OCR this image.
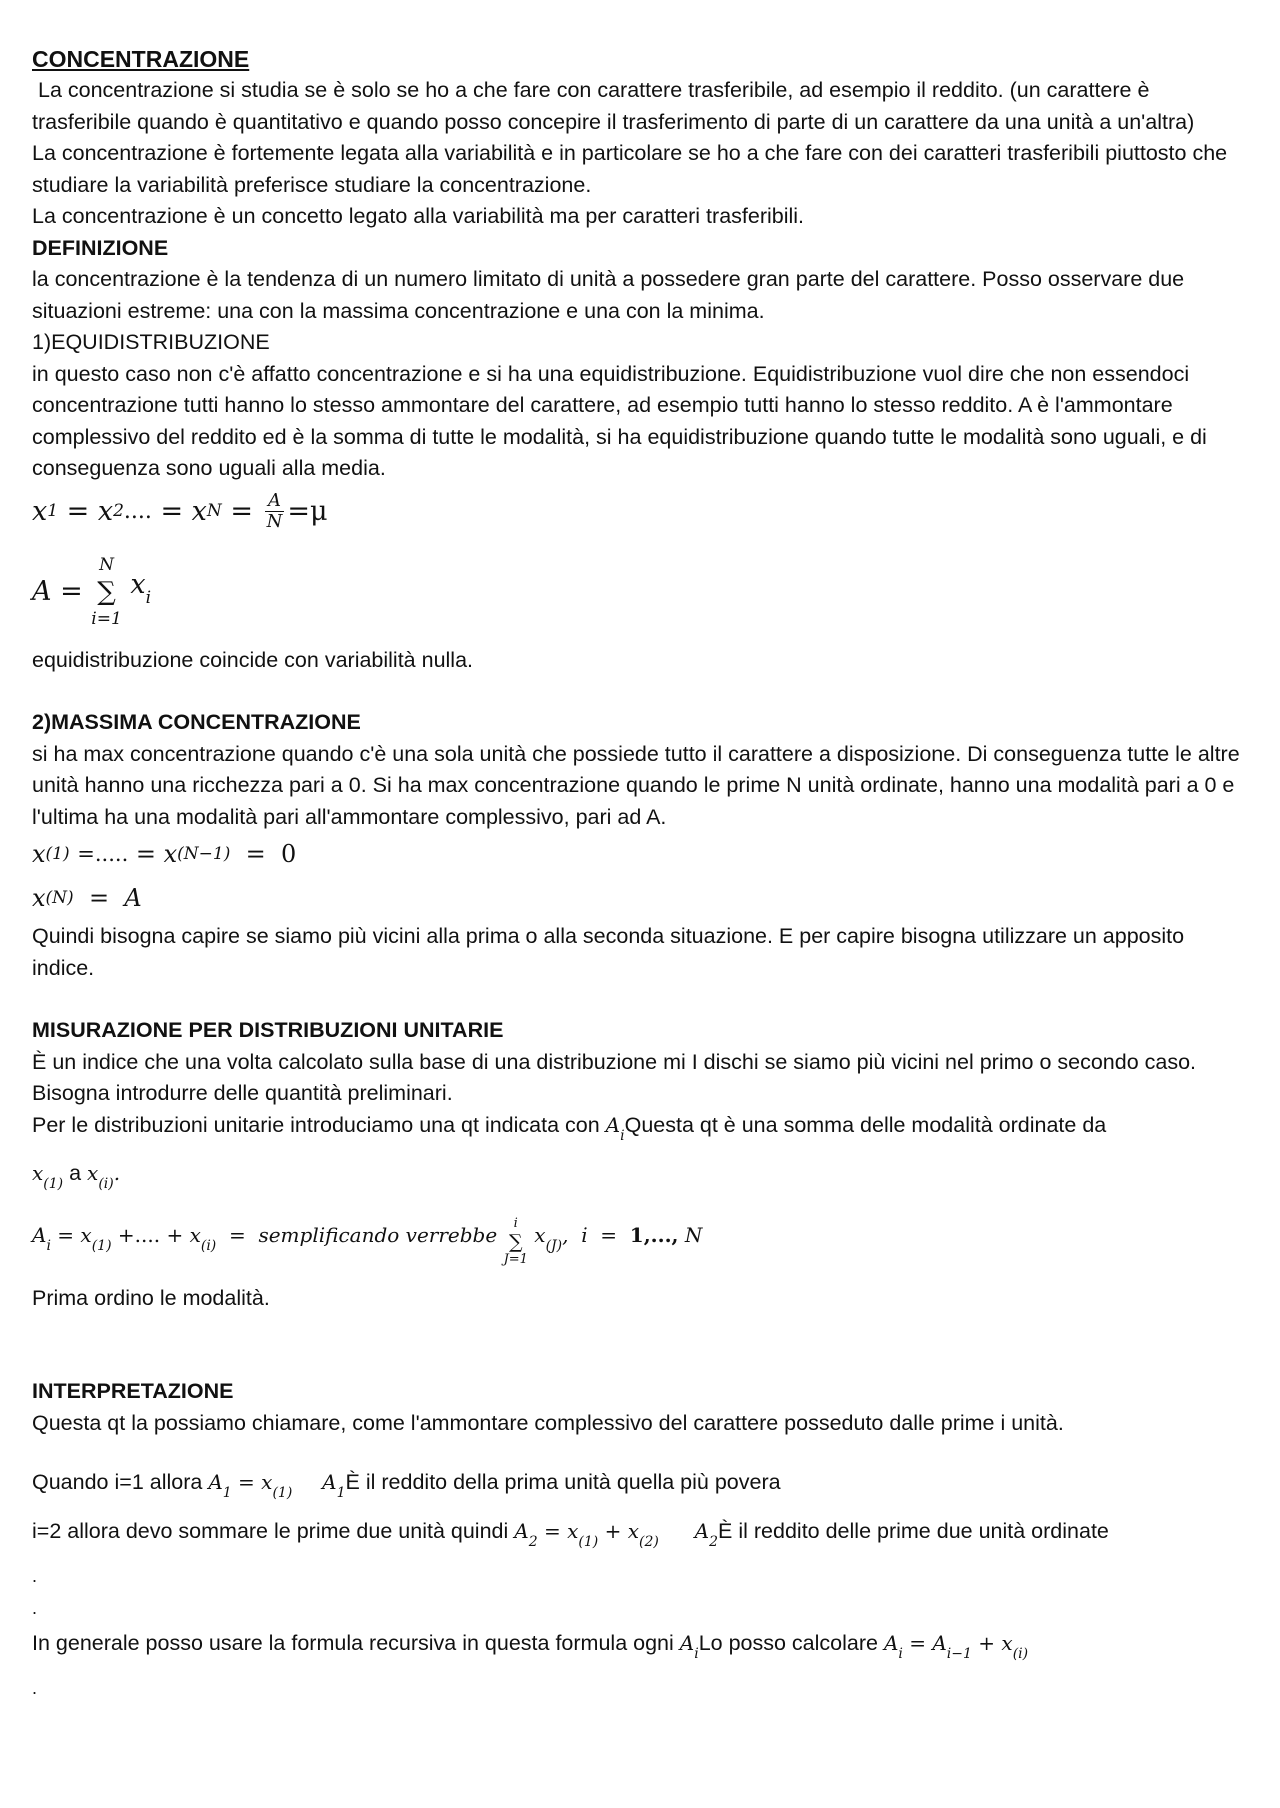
CONCENTRAZIONE

La concentrazione si studia se è solo se ho a che fare con carattere trasferibile, ad esempio il reddito. (un carattere è trasferibile quando è quantitativo e quando posso concepire il trasferimento di parte di un carattere da una unità a un'altra)

La concentrazione è fortemente legata alla variabilità e in particolare se ho a che fare con dei caratteri trasferibili piuttosto che studiare la variabilità preferisce studiare la concentrazione.

La concentrazione è un concetto legato alla variabilità ma per caratteri trasferibili.

DEFINIZIONE

la concentrazione è la tendenza di un numero limitato di unità a possedere gran parte del carattere. Posso osservare due situazioni estreme: una con la massima concentrazione e una con la minima.

1)EQUIDISTRIBUZIONE

in questo caso non c'è affatto concentrazione e si ha una equidistribuzione. Equidistribuzione vuol dire che non essendoci concentrazione tutti hanno lo stesso ammontare del carattere, ad esempio tutti hanno lo stesso reddito. A è l'ammontare complessivo del reddito ed è la somma di tutte le modalità, si ha equidistribuzione quando tutte le modalità sono uguali, e di conseguenza sono uguali alla media.

x 1 = x 2 .... = x $N = \frac{A}{N} =\mu$
A =
N
∑
i=1
$x_i$

equidistribuzione coincide con variabilità nulla.

2)MASSIMA CONCENTRAZIONE

si ha max concentrazione quando c'è una sola unità che possiede tutto il carattere a disposizione. Di conseguenza tutte le altre unità hanno una ricchezza pari a 0. Si ha max concentrazione quando le prime N unità ordinate, hanno una modalità pari a 0 e l'ultima ha una modalità pari all'ammontare complessivo, pari ad A.

x (1)
=..... = x (N−1) = 0
x (N) =  A

Quindi bisogna capire se siamo più vicini alla prima o alla seconda situazione. E per capire bisogna utilizzare un apposito indice.

MISURAZIONE PER DISTRIBUZIONI UNITARIE

È un indice che una volta calcolato sulla base di una distribuzione mi I dischi se siamo più vicini nel primo o secondo caso.

Bisogna introdurre delle quantità preliminari.

Per le distribuzioni unitarie introduciamo una qt indicata con $A_iQuesta$ qt è una somma delle modalità ordinate da

$x_{(1)}$ a $x_{(i)}$.

$A_i = x_{(1)}$ +.... + $x_{(i)}$  =  semplificando verrebbe
i
∑
J=1
$x_{(J)}$,  i  =  1,..., N

Prima ordino le modalità.

INTERPRETAZIONE

Questa qt la possiamo chiamare, come l'ammontare complessivo del carattere posseduto dalle prime i unità.

Quando i=1 allora $A_1 = x_{(1)}$ $A_1È$ il reddito della prima unità quella più povera

i=2 allora devo sommare le prime due unità quindi $A_2 = x_{(1)} + x_{(2)}$ $A_2È$ il reddito delle prime due unità ordinate

.

.

In generale posso usare la formula recursiva in questa formula ogni $A_iLo$ posso calcolare $A_i = A_{i-1} + x_{(i)}$

.
